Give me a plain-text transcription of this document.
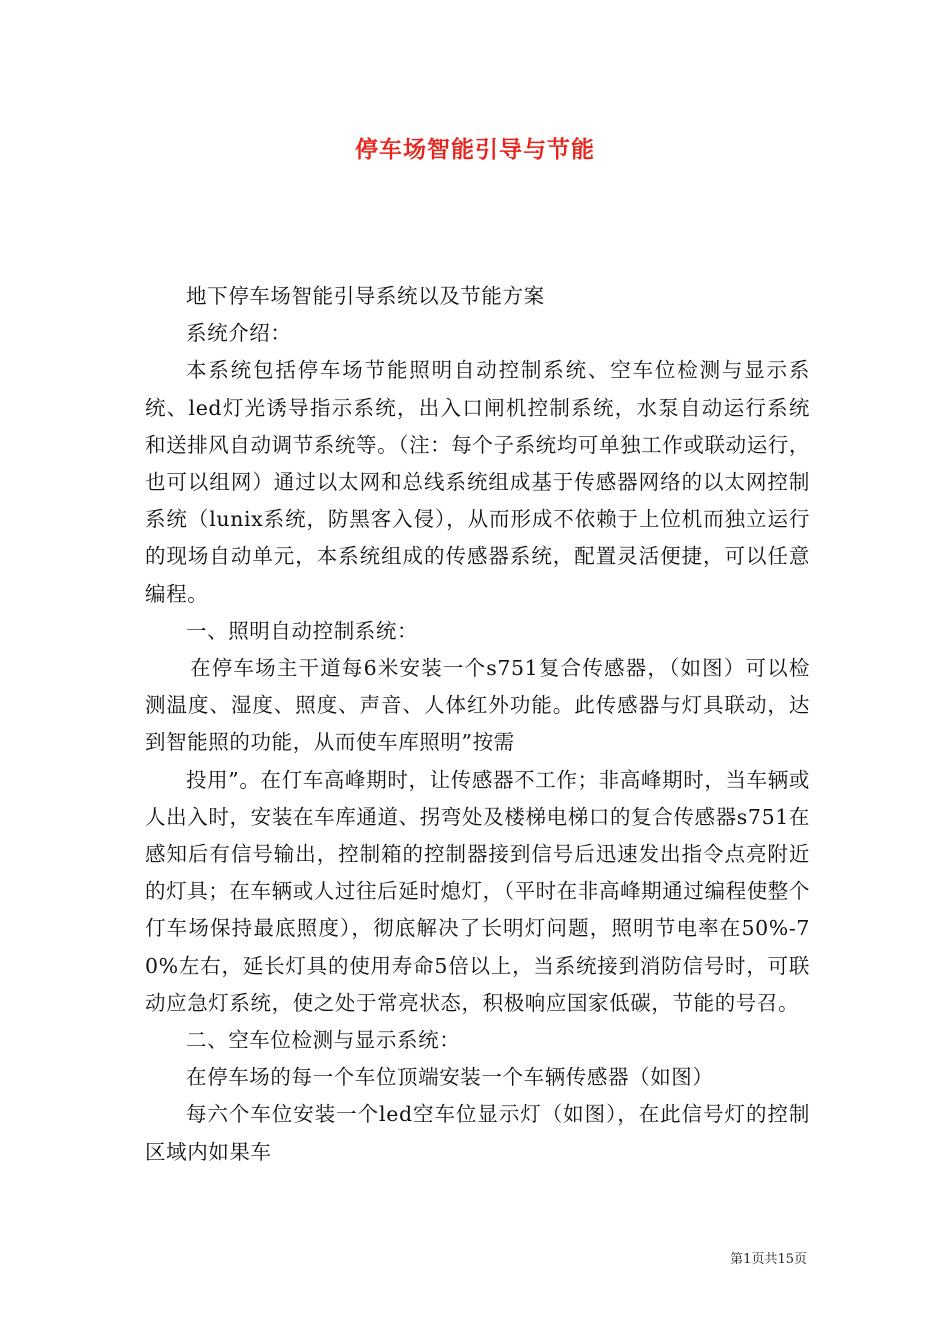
停车场智能引导与节能

地下停车场智能引导系统以及节能方案

系统介绍：

本系统包括停车场节能照明自动控制系统、空车位检测与显示系统、led灯光诱导指示系统，出入口闸机控制系统，水泵自动运行系统和送排风自动调节系统等。（注：每个子系统均可单独工作或联动运行，也可以组网）通过以太网和总线系统组成基于传感器网络的以太网控制系统（lunix系统，防黑客入侵），从而形成不依赖于上位机而独立运行的现场自动单元，本系统组成的传感器系统，配置灵活便捷，可以任意编程。

一、照明自动控制系统：

在停车场主干道每6米安装一个s751复合传感器，（如图）可以检测温度、湿度、照度、声音、人体红外功能。此传感器与灯具联动，达到智能照的功能，从而使车库照明”按需

投用”。在仃车高峰期时，让传感器不工作；非高峰期时，当车辆或人出入时，安装在车库通道、拐弯处及楼梯电梯口的复合传感器s751在感知后有信号输出，控制箱的控制器接到信号后迅速发出指令点亮附近的灯具；在车辆或人过往后延时熄灯，（平时在非高峰期通过编程使整个仃车场保持最底照度），彻底解决了长明灯问题，照明节电率在50%-70%左右，延长灯具的使用寿命5倍以上，当系统接到消防信号时，可联动应急灯系统，使之处于常亮状态，积极响应国家低碳，节能的号召。

二、空车位检测与显示系统：

在停车场的每一个车位顶端安装一个车辆传感器（如图）

每六个车位安装一个led空车位显示灯（如图），在此信号灯的控制区域内如果车

第1页共15页
